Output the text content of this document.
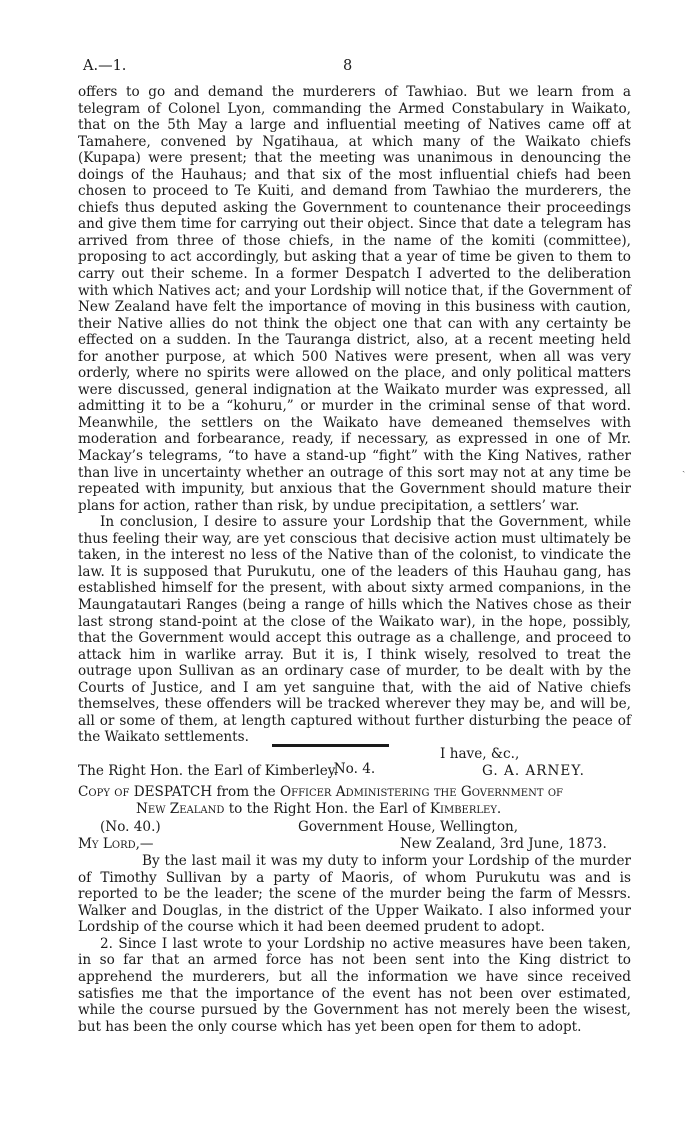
A.—1.	8

offers to go and demand the murderers of Tawhiao. But we learn from a telegram of Colonel Lyon, commanding the Armed Constabulary in Waikato, that on the 5th May a large and influential meeting of Natives came off at Tamahere, convened by Ngatihaua, at which many of the Waikato chiefs (Kupapa) were present; that the meeting was unanimous in denouncing the doings of the Hauhaus; and that six of the most influential chiefs had been chosen to proceed to Te Kuiti, and demand from Tawhiao the murderers, the chiefs thus deputed asking the Government to countenance their proceedings and give them time for carrying out their object. Since that date a telegram has arrived from three of those chiefs, in the name of the komiti (committee), proposing to act accordingly, but asking that a year of time be given to them to carry out their scheme. In a former Despatch I adverted to the deliberation with which Natives act; and your Lordship will notice that, if the Government of New Zealand have felt the importance of moving in this business with caution, their Native allies do not think the object one that can with any certainty be effected on a sudden. In the Tauranga district, also, at a recent meeting held for another purpose, at which 500 Natives were present, when all was very orderly, where no spirits were allowed on the place, and only political matters were discussed, general indignation at the Waikato murder was expressed, all admitting it to be a “kohuru,” or murder in the criminal sense of that word. Meanwhile, the settlers on the Waikato have demeaned themselves with moderation and forbearance, ready, if necessary, as expressed in one of Mr. Mackay’s telegrams, “to have a stand-up “fight” with the King Natives, rather than live in uncertainty whether an outrage of this sort may not at any time be repeated with impunity, but anxious that the Government should mature their plans for action, rather than risk, by undue precipitation, a settlers’ war.

In conclusion, I desire to assure your Lordship that the Government, while thus feeling their way, are yet conscious that decisive action must ultimately be taken, in the interest no less of the Native than of the colonist, to vindicate the law. It is supposed that Purukutu, one of the leaders of this Hauhau gang, has established himself for the present, with about sixty armed companions, in the Maungatautari Ranges (being a range of hills which the Natives chose as their last strong stand-point at the close of the Waikato war), in the hope, possibly, that the Government would accept this outrage as a challenge, and proceed to attack him in warlike array. But it is, I think wisely, resolved to treat the outrage upon Sullivan as an ordinary case of murder, to be dealt with by the Courts of Justice, and I am yet sanguine that, with the aid of Native chiefs themselves, these offenders will be tracked wherever they may be, and will be, all or some of them, at length captured without further disturbing the peace of the Waikato settlements.

I have, &c.,
The Right Hon. the Earl of Kimberley.	G. A. ARNEY.
No. 4.
Copy of DESPATCH from the Officer Administering the Government of
New Zealand to the Right Hon. the Earl of Kimberley.
(No. 40.)	Government House, Wellington,
My Lord,—	New Zealand, 3rd June, 1873.

By the last mail it was my duty to inform your Lordship of the murder of Timothy Sullivan by a party of Maoris, of whom Purukutu was and is reported to be the leader; the scene of the murder being the farm of Messrs. Walker and Douglas, in the district of the Upper Waikato. I also informed your Lordship of the course which it had been deemed prudent to adopt.

2. Since I last wrote to your Lordship no active measures have been taken, in so far that an armed force has not been sent into the King district to apprehend the murderers, but all the information we have since received satisfies me that the importance of the event has not been over estimated, while the course pursued by the Government has not merely been the wisest, but has been the only course which has yet been open for them to adopt.

ˏ
